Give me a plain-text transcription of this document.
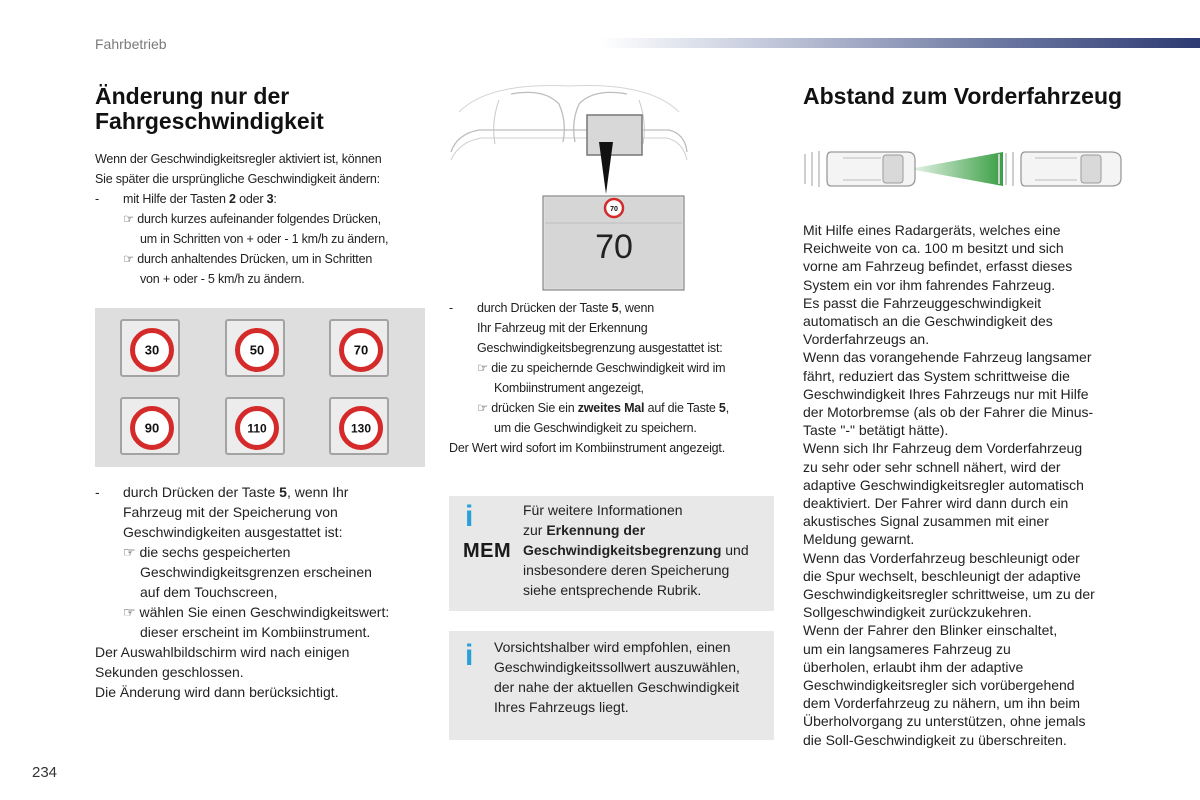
Fahrbetrieb
Änderung nur der
Fahrgeschwindigkeit
Wenn der Geschwindigkeitsregler aktiviert ist, können
Sie später die ursprüngliche Geschwindigkeit ändern:
- mit Hilfe der Tasten 2 oder 3:
☞ durch kurzes aufeinander folgendes Drücken,
um in Schritten von + oder - 1 km/h zu ändern,
☞ durch anhaltendes Drücken, um in Schritten
von + oder - 5 km/h zu ändern.
30	50	70
90	110	130
- durch Drücken der Taste 5, wenn Ihr
Fahrzeug mit der Speicherung von
Geschwindigkeiten ausgestattet ist:
☞ die sechs gespeicherten
Geschwindigkeitsgrenzen erscheinen
auf dem Touchscreen,
☞ wählen Sie einen Geschwindigkeitswert:
dieser erscheint im Kombiinstrument.
Der Auswahlbildschirm wird nach einigen
Sekunden geschlossen.
Die Änderung wird dann berücksichtigt.
70
70
- durch Drücken der Taste 5, wenn
Ihr Fahrzeug mit der Erkennung
Geschwindigkeitsbegrenzung ausgestattet ist:
☞ die zu speichernde Geschwindigkeit wird im
Kombiinstrument angezeigt,
☞ drücken Sie ein zweites Mal auf die Taste 5,
um die Geschwindigkeit zu speichern.
Der Wert wird sofort im Kombiinstrument angezeigt.
i
MEM
Für weitere Informationen
zur Erkennung der
Geschwindigkeitsbegrenzung und
insbesondere deren Speicherung
siehe entsprechende Rubrik.
i Vorsichtshalber wird empfohlen, einen
Geschwindigkeitssollwert auszuwählen,
der nahe der aktuellen Geschwindigkeit
Ihres Fahrzeugs liegt.
Abstand zum Vorderfahrzeug
Mit Hilfe eines Radargeräts, welches eine
Reichweite von ca. 100 m besitzt und sich
vorne am Fahrzeug befindet, erfasst dieses
System ein vor ihm fahrendes Fahrzeug.
Es passt die Fahrzeuggeschwindigkeit
automatisch an die Geschwindigkeit des
Vorderfahrzeugs an.
Wenn das vorangehende Fahrzeug langsamer
fährt, reduziert das System schrittweise die
Geschwindigkeit Ihres Fahrzeugs nur mit Hilfe
der Motorbremse (als ob der Fahrer die Minus-
Taste "-" betätigt hätte).
Wenn sich Ihr Fahrzeug dem Vorderfahrzeug
zu sehr oder sehr schnell nähert, wird der
adaptive Geschwindigkeitsregler automatisch
deaktiviert. Der Fahrer wird dann durch ein
akustisches Signal zusammen mit einer
Meldung gewarnt.
Wenn das Vorderfahrzeug beschleunigt oder
die Spur wechselt, beschleunigt der adaptive
Geschwindigkeitsregler schrittweise, um zu der
Sollgeschwindigkeit zurückzukehren.
Wenn der Fahrer den Blinker einschaltet,
um ein langsameres Fahrzeug zu
überholen, erlaubt ihm der adaptive
Geschwindigkeitsregler sich vorübergehend
dem Vorderfahrzeug zu nähern, um ihn beim
Überholvorgang zu unterstützen, ohne jemals
die Soll-Geschwindigkeit zu überschreiten.
234
